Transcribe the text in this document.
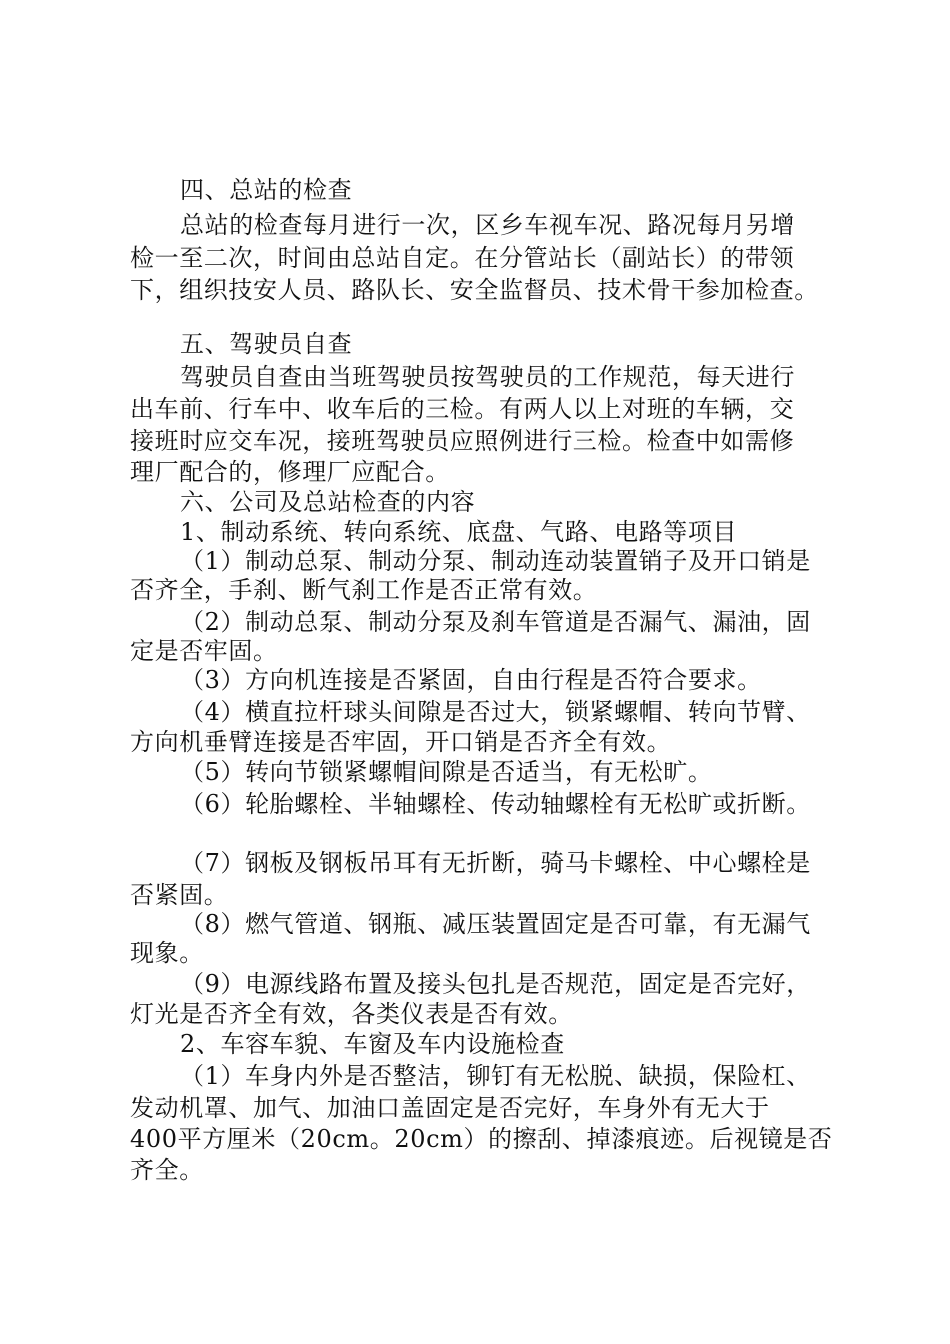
四、总站的检查
总站的检查每月进行一次，区乡车视车况、路况每月另增
检一至二次，时间由总站自定。在分管站长（副站长）的带领
下，组织技安人员、路队长、安全监督员、技术骨干参加检查。
五、驾驶员自查
驾驶员自查由当班驾驶员按驾驶员的工作规范，每天进行
出车前、行车中、收车后的三检。有两人以上对班的车辆，交
接班时应交车况，接班驾驶员应照例进行三检。检查中如需修
理厂配合的，修理厂应配合。
六、公司及总站检查的内容
1、制动系统、转向系统、底盘、气路、电路等项目
（1）制动总泵、制动分泵、制动连动装置销子及开口销是
否齐全，手刹、断气刹工作是否正常有效。
（2）制动总泵、制动分泵及刹车管道是否漏气、漏油，固
定是否牢固。
（3）方向机连接是否紧固，自由行程是否符合要求。
（4）横直拉杆球头间隙是否过大，锁紧螺帽、转向节臂、
方向机垂臂连接是否牢固，开口销是否齐全有效。
（5）转向节锁紧螺帽间隙是否适当，有无松旷。
（6）轮胎螺栓、半轴螺栓、传动轴螺栓有无松旷或折断。
（7）钢板及钢板吊耳有无折断，骑马卡螺栓、中心螺栓是
否紧固。
（8）燃气管道、钢瓶、减压装置固定是否可靠，有无漏气
现象。
（9）电源线路布置及接头包扎是否规范，固定是否完好，
灯光是否齐全有效，各类仪表是否有效。
2、车容车貌、车窗及车内设施检查
（1）车身内外是否整洁，铆钉有无松脱、缺损，保险杠、
发动机罩、加气、加油口盖固定是否完好，车身外有无大于
400平方厘米（20cm。20cm）的擦刮、掉漆痕迹。后视镜是否
齐全。
